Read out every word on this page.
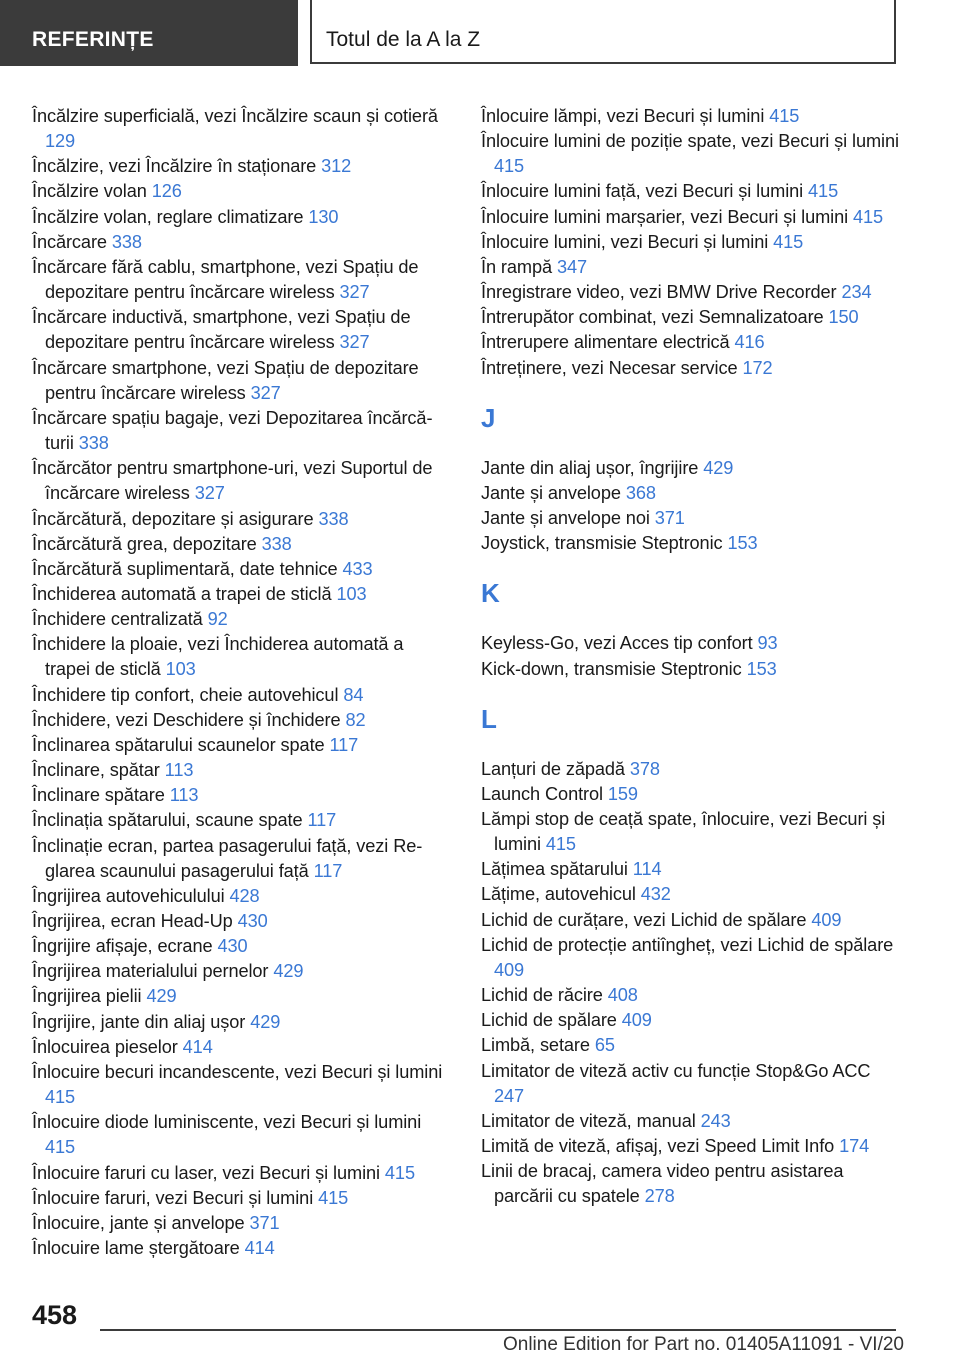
REFERINȚE	Totul de la A la Z
Încălzire superficială, vezi Încălzire scaun și cotieră 129
Încălzire, vezi Încălzire în staționare 312
Încălzire volan 126
Încălzire volan, reglare climatizare 130
Încărcare 338
Încărcare fără cablu, smartphone, vezi Spațiu de depozitare pentru încărcare wireless 327
Încărcare inductivă, smartphone, vezi Spațiu de depozitare pentru încărcare wireless 327
Încărcare smartphone, vezi Spațiu de depozitare pentru încărcare wireless 327
Încărcare spațiu bagaje, vezi Depozitarea încărcăturii 338
Încărcător pentru smartphone-uri, vezi Suportul de încărcare wireless 327
Încărcătură, depozitare și asigurare 338
Încărcătură grea, depozitare 338
Încărcătură suplimentară, date tehnice 433
Închiderea automată a trapei de sticlă 103
Închidere centralizată 92
Închidere la ploaie, vezi Închiderea automată a trapei de sticlă 103
Închidere tip confort, cheie autovehicul 84
Închidere, vezi Deschidere și închidere 82
Înclinarea spătarului scaunelor spate 117
Înclinare, spătar 113
Înclinare spătare 113
Înclinația spătarului, scaune spate 117
Înclinație ecran, partea pasagerului față, vezi Reglarea scaunului pasagerului față 117
Îngrijirea autovehiculului 428
Îngrijirea, ecran Head-Up 430
Îngrijire afișaje, ecrane 430
Îngrijirea materialului pernelor 429
Îngrijirea pielii 429
Îngrijire, jante din aliaj ușor 429
Înlocuirea pieselor 414
Înlocuire becuri incandescente, vezi Becuri și lumini 415
Înlocuire diode luminiscente, vezi Becuri și lumini 415
Înlocuire faruri cu laser, vezi Becuri și lumini 415
Înlocuire faruri, vezi Becuri și lumini 415
Înlocuire, jante și anvelope 371
Înlocuire lame ștergătoare 414
Înlocuire lămpi, vezi Becuri și lumini 415
Înlocuire lumini de poziție spate, vezi Becuri și lumini 415
Înlocuire lumini față, vezi Becuri și lumini 415
Înlocuire lumini marșarier, vezi Becuri și lumini 415
Înlocuire lumini, vezi Becuri și lumini 415
În rampă 347
Înregistrare video, vezi BMW Drive Recorder 234
Întrerupător combinat, vezi Semnalizatoare 150
Întrerupere alimentare electrică 416
Întreținere, vezi Necesar service 172
J
Jante din aliaj ușor, îngrijire 429
Jante și anvelope 368
Jante și anvelope noi 371
Joystick, transmisie Steptronic 153
K
Keyless-Go, vezi Acces tip confort 93
Kick-down, transmisie Steptronic 153
L
Lanțuri de zăpadă 378
Launch Control 159
Lămpi stop de ceață spate, înlocuire, vezi Becuri și lumini 415
Lățimea spătarului 114
Lățime, autovehicul 432
Lichid de curățare, vezi Lichid de spălare 409
Lichid de protecție antiîngheț, vezi Lichid de spălare 409
Lichid de răcire 408
Lichid de spălare 409
Limbă, setare 65
Limitator de viteză activ cu funcție Stop&Go ACC 247
Limitator de viteză, manual 243
Limită de viteză, afișaj, vezi Speed Limit Info 174
Linii de bracaj, camera video pentru asistarea parcării cu spatele 278
458
Online Edition for Part no. 01405A11091 - VI/20
